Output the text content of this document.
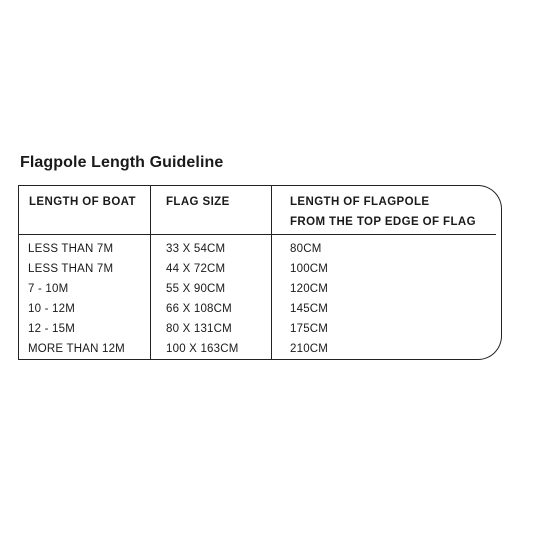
Flagpole Length Guideline
LENGTH OF BOAT	FLAG SIZE	LENGTH OF FLAGPOLE
FROM THE TOP EDGE OF FLAG
LESS THAN 7M	33 X 54CM	80CM
LESS THAN 7M	44 X 72CM	100CM
7 - 10M	55 X 90CM	120CM
10 - 12M	66 X 108CM	145CM
12 - 15M	80 X 131CM	175CM
MORE THAN 12M	100 X 163CM	210CM
